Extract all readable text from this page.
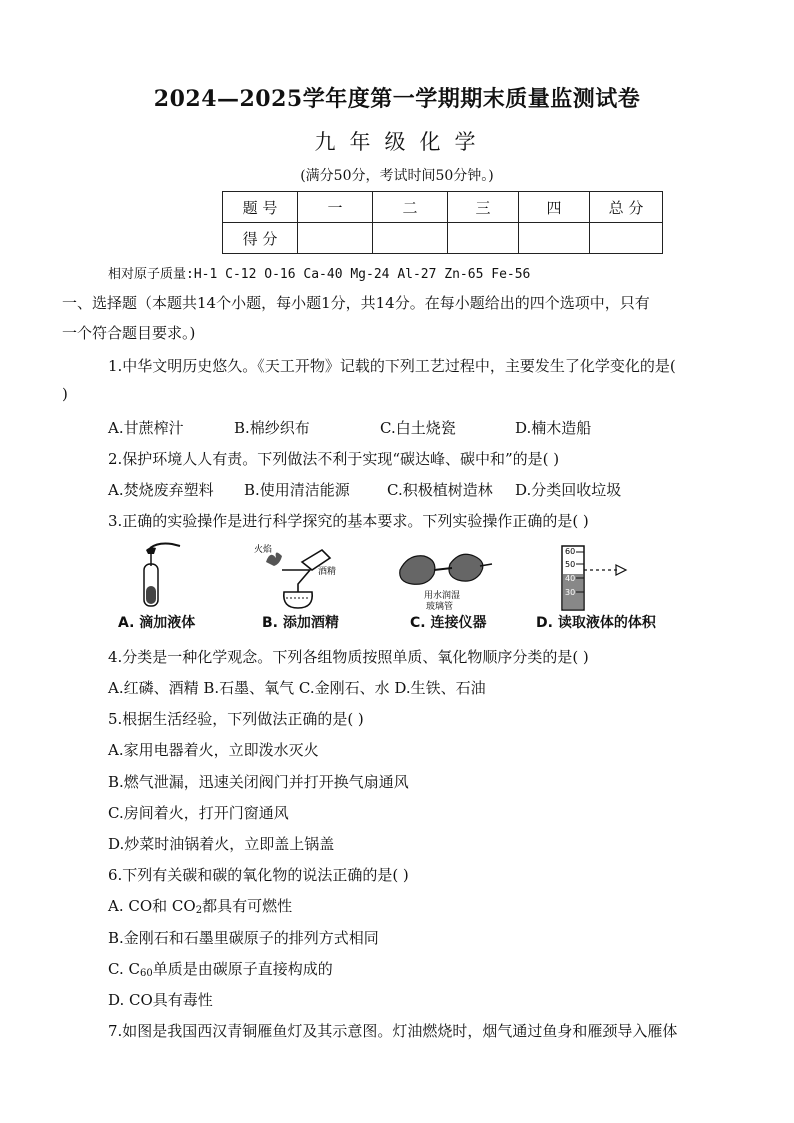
2024—2025学年度第一学期期末质量监测试卷
九年级化学
(满分50分，考试时间50分钟。)
题 号	一	二	三	四	总 分
得 分					
相对原子质量:H-1 C-12 O-16 Ca-40 Mg-24 Al-27 Zn-65 Fe-56
一、选择题（本题共14个小题，每小题1分，共14分。在每小题给出的四个选项中，只有
一个符合题目要求。)
1.中华文明历史悠久。《天工开物》记载的下列工艺过程中，主要发生了化学变化的是(
)
A.甘蔗榨汁	B.棉纱织布	C.白土烧瓷	D.楠木造船
2.保护环境人人有责。下列做法不利于实现“碳达峰、碳中和”的是( )
A.焚烧废弃塑料 B.使用清洁能源 C.积极植树造林 D.分类回收垃圾
3.正确的实验操作是进行科学探究的基本要求。下列实验操作正确的是( )
A. 滴加液体
火焰
酒精
B. 添加酒精
用水润湿
玻璃管
C. 连接仪器
60
50
40
30
D. 读取液体的体积
4.分类是一种化学观念。下列各组物质按照单质、氧化物顺序分类的是( )
A.红磷、酒精 B.石墨、氧气 C.金刚石、水 D.生铁、石油
5.根据生活经验，下列做法正确的是( )
A.家用电器着火，立即泼水灭火
B.燃气泄漏，迅速关闭阀门并打开换气扇通风
C.房间着火，打开门窗通风
D.炒菜时油锅着火，立即盖上锅盖
6.下列有关碳和碳的氧化物的说法正确的是( )
A. CO和 $CO_2$都具有可燃性
B.金刚石和石墨里碳原子的排列方式相同
C. $C_{60}$单质是由碳原子直接构成的
D. CO具有毒性
7.如图是我国西汉青铜雁鱼灯及其示意图。灯油燃烧时，烟气通过鱼身和雁颈导入雁体
